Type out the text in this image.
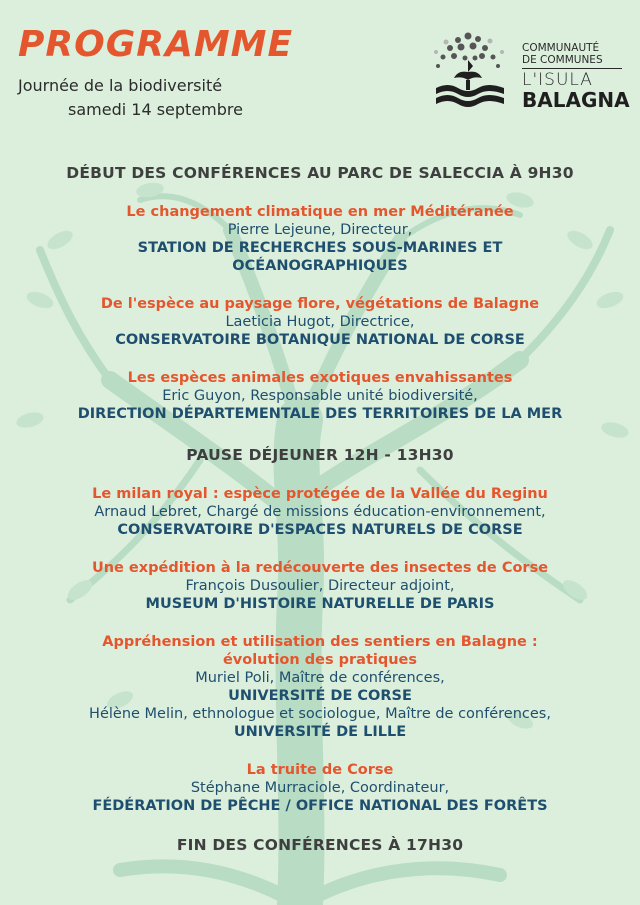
PROGRAMME
Journée de la biodiversité
samedi 14 septembre
COMMUNAUTÉ
DE COMMUNES
L'ISULA
BALAGNA
DÉBUT DES CONFÉRENCES AU PARC DE SALECCIA À 9H30
Le changement climatique en mer Méditéranée
Pierre Lejeune, Directeur,
STATION DE RECHERCHES SOUS-MARINES ET
OCÉANOGRAPHIQUES
De l'espèce au paysage flore, végétations de Balagne
Laeticia Hugot, Directrice,
CONSERVATOIRE BOTANIQUE NATIONAL DE CORSE
Les espèces animales exotiques envahissantes
Eric Guyon, Responsable unité biodiversité,
DIRECTION DÉPARTEMENTALE DES TERRITOIRES DE LA MER
PAUSE DÉJEUNER 12H - 13H30
Le milan royal : espèce protégée de la Vallée du Reginu
Arnaud Lebret, Chargé de missions éducation-environnement,
CONSERVATOIRE D'ESPACES NATURELS DE CORSE
Une expédition à la redécouverte des insectes de Corse
François Dusoulier, Directeur adjoint,
MUSEUM D'HISTOIRE NATURELLE DE PARIS
Appréhension et utilisation des sentiers en Balagne :
évolution des pratiques
Muriel Poli, Maître de conférences,
UNIVERSITÉ DE CORSE
Hélène Melin, ethnologue et sociologue, Maître de conférences,
UNIVERSITÉ DE LILLE
La truite de Corse
Stéphane Murraciole, Coordinateur,
FÉDÉRATION DE PÊCHE / OFFICE NATIONAL DES FORÊTS
FIN DES CONFÉRENCES À 17H30
